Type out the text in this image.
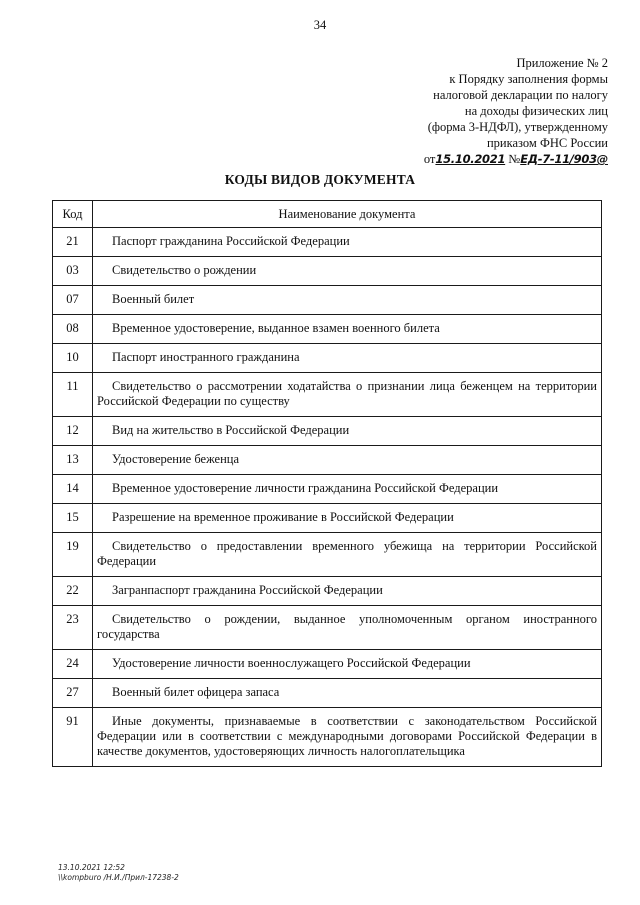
34
Приложение № 2
к Порядку заполнения формы
налоговой декларации по налогу
на доходы физических лиц
(форма 3-НДФЛ), утвержденному
приказом ФНС России
от15.10.2021 №ЕД-7-11/903@
КОДЫ ВИДОВ ДОКУМЕНТА
Код	Наименование документа
21	Паспорт гражданина Российской Федерации
03	Свидетельство о рождении
07	Военный билет
08	Временное удостоверение, выданное взамен военного билета
10	Паспорт иностранного гражданина
11	Свидетельство о рассмотрении ходатайства о признании лица беженцем на территории Российской Федерации по существу
12	Вид на жительство в Российской Федерации
13	Удостоверение беженца
14	Временное удостоверение личности гражданина Российской Федерации
15	Разрешение на временное проживание в Российской Федерации
19	Свидетельство о предоставлении временного убежища на территории Российской Федерации
22	Загранпаспорт гражданина Российской Федерации
23	Свидетельство о рождении, выданное уполномоченным органом иностранного государства
24	Удостоверение личности военнослужащего Российской Федерации
27	Военный билет офицера запаса
91	Иные документы, признаваемые в соответствии с законодательством Российской Федерации или в соответствии с международными договорами Российской Федерации в качестве документов, удостоверяющих личность налогоплательщика
13.10.2021 12:52
\\kompburo /Н.И./Прил-17238-2
